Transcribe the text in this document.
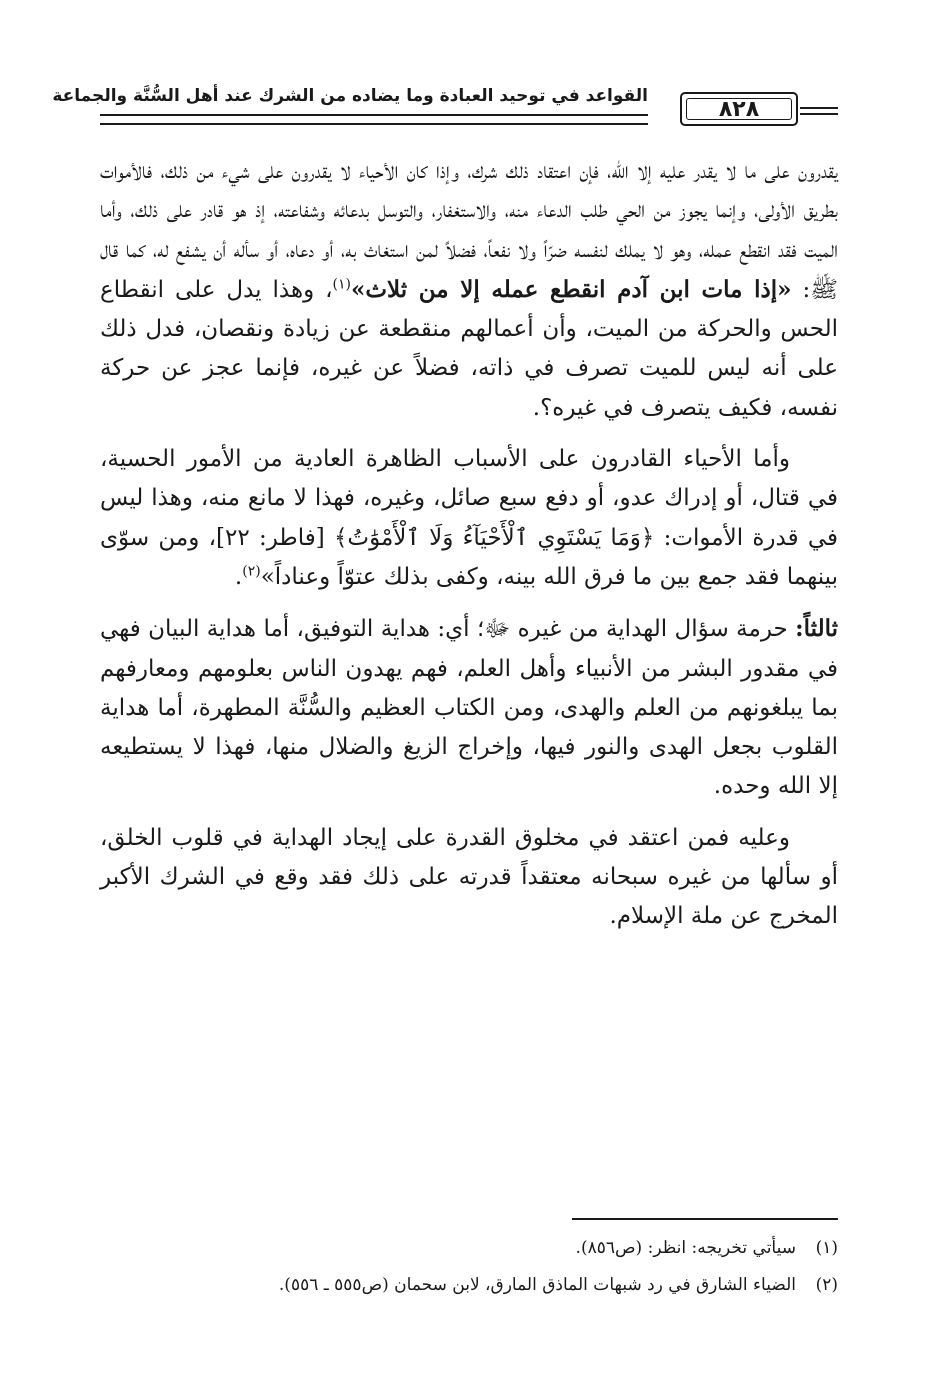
القواعد في توحيد العبادة وما يضاده من الشرك عند أهل السُّنَّة والجماعة
٨٢٨

يقدرون على ما لا يقدر عليه إلا الله، فإن اعتقاد ذلك شرك، وإذا كان الأحياء لا يقدرون على شيء من ذلك، فالأموات بطريق الأولى، وإنما يجوز من الحي طلب الدعاء منه، والاستغفار، والتوسل بدعائه وشفاعته، إذ هو قادر على ذلك، وأما الميت فقد انقطع عمله، وهو لا يملك لنفسه ضرّاً ولا نفعاً، فضلاً لمن استغاث به، أو دعاه، أو سأله أن يشفع له، كما قال ﷺ: «إذا مات ابن آدم انقطع عمله إلا من ثلاث»$^{(١)}$، وهذا يدل على انقطاع الحس والحركة من الميت، وأن أعمالهم منقطعة عن زيادة ونقصان، فدل ذلك على أنه ليس للميت تصرف في ذاته، فضلاً عن غيره، فإنما عجز عن حركة نفسه، فكيف يتصرف في غيره؟.

وأما الأحياء القادرون على الأسباب الظاهرة العادية من الأمور الحسية، في قتال، أو إدراك عدو، أو دفع سبع صائل، وغيره، فهذا لا مانع منه، وهذا ليس في قدرة الأموات: ﴿وَمَا يَسْتَوِي ٱلْأَحْيَآءُ وَلَا ٱلْأَمْوَٰتُ﴾ [فاطر: ٢٢]، ومن سوّى بينهما فقد جمع بين ما فرق الله بينه، وكفى بذلك عتوّاً وعناداً»$^{(٢)}$.

ثالثاً: حرمة سؤال الهداية من غيره ﷻ؛ أي: هداية التوفيق، أما هداية البيان فهي في مقدور البشر من الأنبياء وأهل العلم، فهم يهدون الناس بعلومهم ومعارفهم بما يبلغونهم من العلم والهدى، ومن الكتاب العظيم والسُّنَّة المطهرة، أما هداية القلوب بجعل الهدى والنور فيها، وإخراج الزيغ والضلال منها، فهذا لا يستطيعه إلا الله وحده.

وعليه فمن اعتقد في مخلوق القدرة على إيجاد الهداية في قلوب الخلق، أو سألها من غيره سبحانه معتقداً قدرته على ذلك فقد وقع في الشرك الأكبر المخرج عن ملة الإسلام.

(١)
سيأتي تخريجه: انظر: (ص٨٥٦).
(٢)
الضياء الشارق في رد شبهات الماذق المارق، لابن سحمان (ص٥٥٥ ـ ٥٥٦).
